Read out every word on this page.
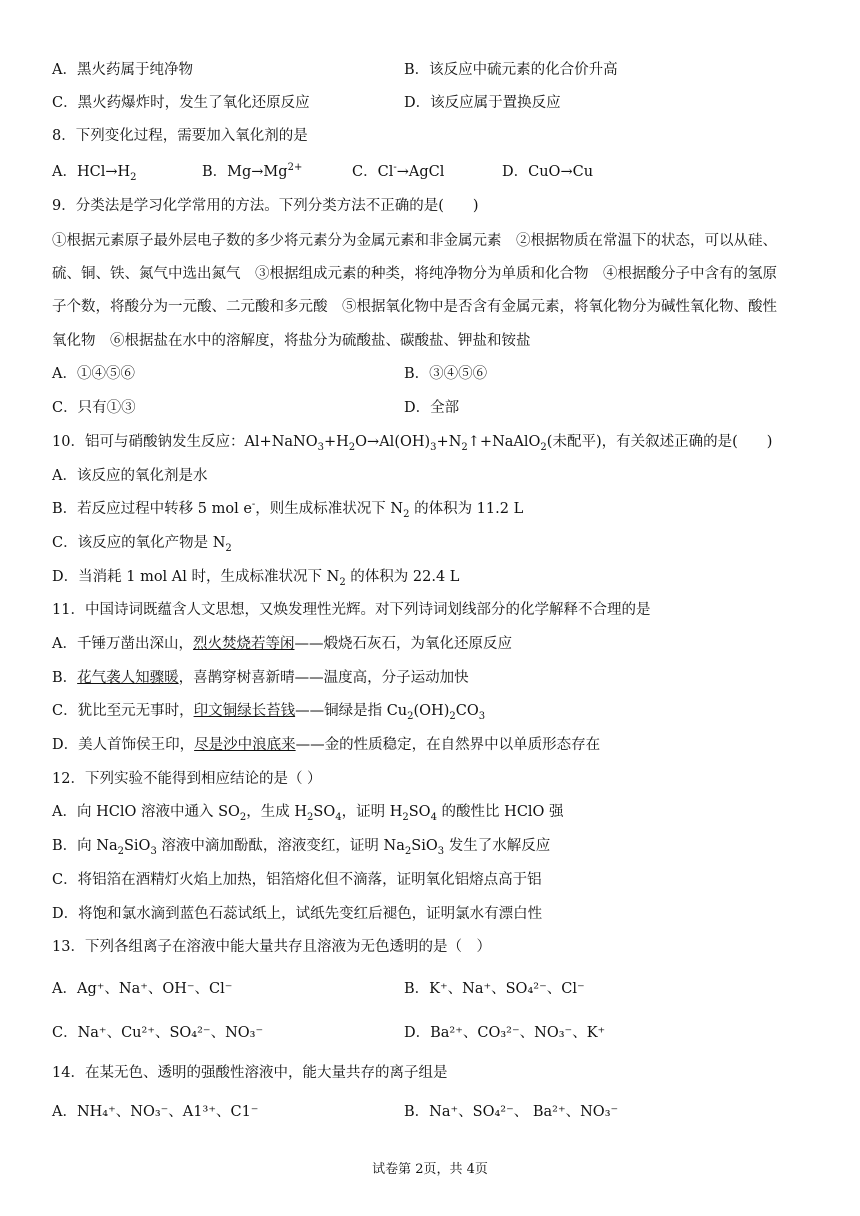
A．黑火药属于纯净物	B．该反应中硫元素的化合价升高
C．黑火药爆炸时，发生了氧化还原反应	D．该反应属于置换反应
8．下列变化过程，需要加入氧化剂的是
A．$HCl\to H_2$	B．$Mg\to Mg^{2+}$	C．Cl-→AgCl	D．CuO→Cu
9．分类法是学习化学常用的方法。下列分类方法不正确的是(　　)
①根据元素原子最外层电子数的多少将元素分为金属元素和非金属元素　②根据物质在常温下的状态，可以从硅、
硫、铜、铁、氮气中选出氮气　③根据组成元素的种类，将纯净物分为单质和化合物　④根据酸分子中含有的氢原
子个数，将酸分为一元酸、二元酸和多元酸　⑤根据氧化物中是否含有金属元素，将氧化物分为碱性氧化物、酸性
氧化物　⑥根据盐在水中的溶解度，将盐分为硫酸盐、碳酸盐、钾盐和铵盐
A．①④⑤⑥	B．③④⑤⑥
C．只有①③	D．全部
10．铝可与硝酸钠发生反应：$Al+NaNO_3+H_2O\to Al(OH)_3+N_2↑+NaAlO_2$(未配平)，有关叙述正确的是(　　)
A．该反应的氧化剂是水
B．若反应过程中转移 5 mol e-，则生成标准状况下 $N_2$ 的体积为 11.2 L
C．该反应的氧化产物是 $N_2$
D．当消耗 1 mol Al 时，生成标准状况下 $N_2$ 的体积为 22.4 L
11．中国诗词既蕴含人文思想，又焕发理性光辉。对下列诗词划线部分的化学解释不合理的是
A．千锤万凿出深山，烈火焚烧若等闲——煅烧石灰石，为氧化还原反应
B．花气袭人知骤暖，喜鹊穿树喜新晴——温度高，分子运动加快
C．犹比至元无事时，印文铜绿长苔钱——铜绿是指 $Cu_2(OH)_2CO_3$
D．美人首饰侯王印，尽是沙中浪底来——金的性质稳定，在自然界中以单质形态存在
12．下列实验不能得到相应结论的是（ ）
A．向 HClO 溶液中通入 $SO_2$，生成 $H_2SO_4$，证明 $H_2SO_4$ 的酸性比 HClO 强
B．向 $Na_2SiO_3$ 溶液中滴加酚酞，溶液变红，证明 $Na_2SiO_3$ 发生了水解反应
C．将铝箔在酒精灯火焰上加热，铝箔熔化但不滴落，证明氧化铝熔点高于铝
D．将饱和氯水滴到蓝色石蕊试纸上，试纸先变红后褪色，证明氯水有漂白性
13．下列各组离子在溶液中能大量共存且溶液为无色透明的是（　）
A．Ag⁺、Na⁺、OH⁻、Cl⁻	B．K⁺、Na⁺、SO₄²⁻、Cl⁻
C．Na⁺、Cu²⁺、SO₄²⁻、NO₃⁻	D．Ba²⁺、CO₃²⁻、NO₃⁻、K⁺
14．在某无色、透明的强酸性溶液中，能大量共存的离子组是
A．NH₄⁺、NO₃⁻、A1³⁺、C1⁻	B．Na⁺、SO₄²⁻、 Ba²⁺、NO₃⁻
试卷第 2页，共 4页
